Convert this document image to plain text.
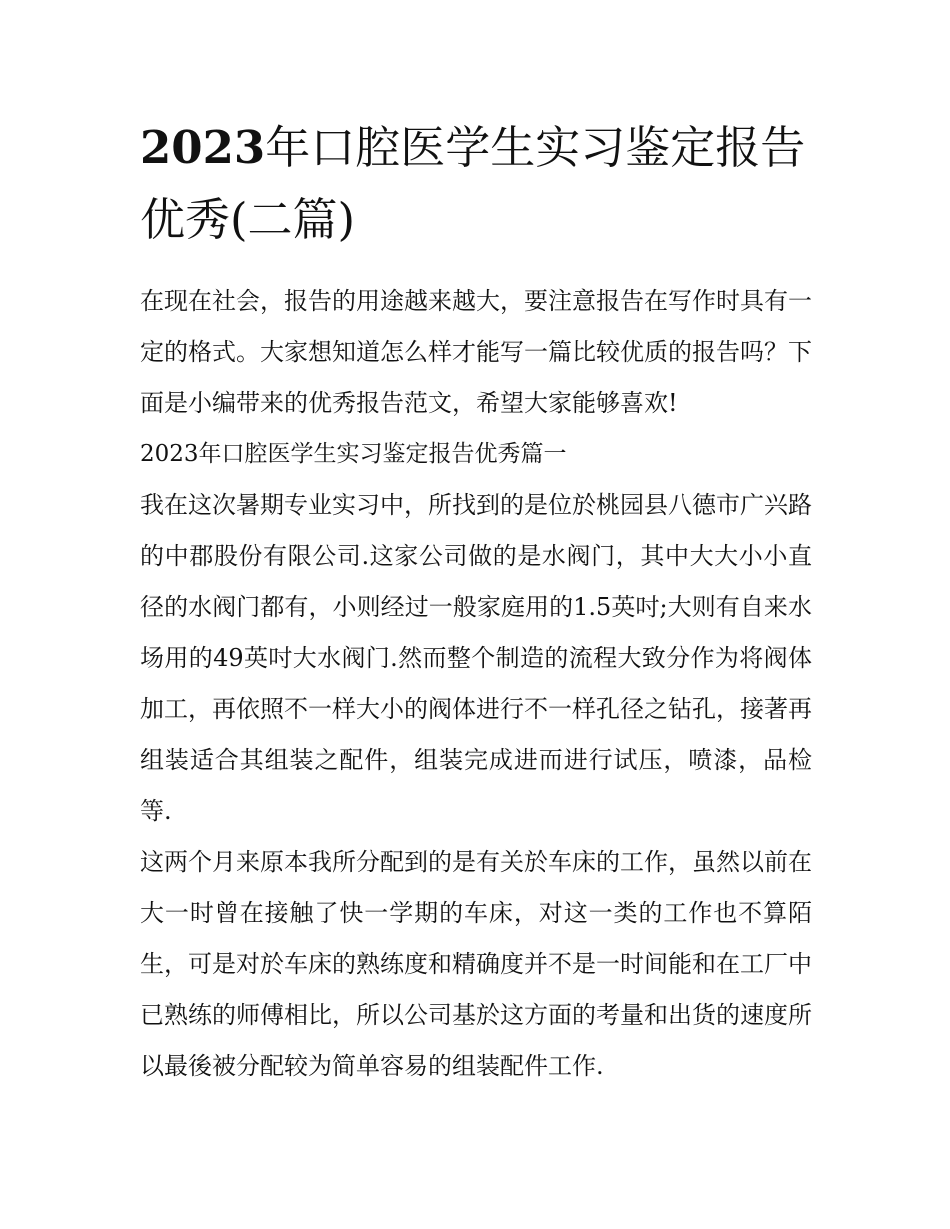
2023年口腔医学生实习鉴定报告优秀(二篇)

在现在社会，报告的用途越来越大，要注意报告在写作时具有一定的格式。大家想知道怎么样才能写一篇比较优质的报告吗？下面是小编带来的优秀报告范文，希望大家能够喜欢!

2023年口腔医学生实习鉴定报告优秀篇一

我在这次暑期专业实习中，所找到的是位於桃园县八德市广兴路的中郡股份有限公司.这家公司做的是水阀门，其中大大小小直径的水阀门都有，小则经过一般家庭用的1.5英吋;大则有自来水场用的49英吋大水阀门.然而整个制造的流程大致分作为将阀体加工，再依照不一样大小的阀体进行不一样孔径之钻孔，接著再组装适合其组装之配件，组装完成进而进行试压，喷漆，品检等.

这两个月来原本我所分配到的是有关於车床的工作，虽然以前在大一时曾在接触了快一学期的车床，对这一类的工作也不算陌生，可是对於车床的熟练度和精确度并不是一时间能和在工厂中已熟练的师傅相比，所以公司基於这方面的考量和出货的速度所以最後被分配较为简单容易的组装配件工作.
